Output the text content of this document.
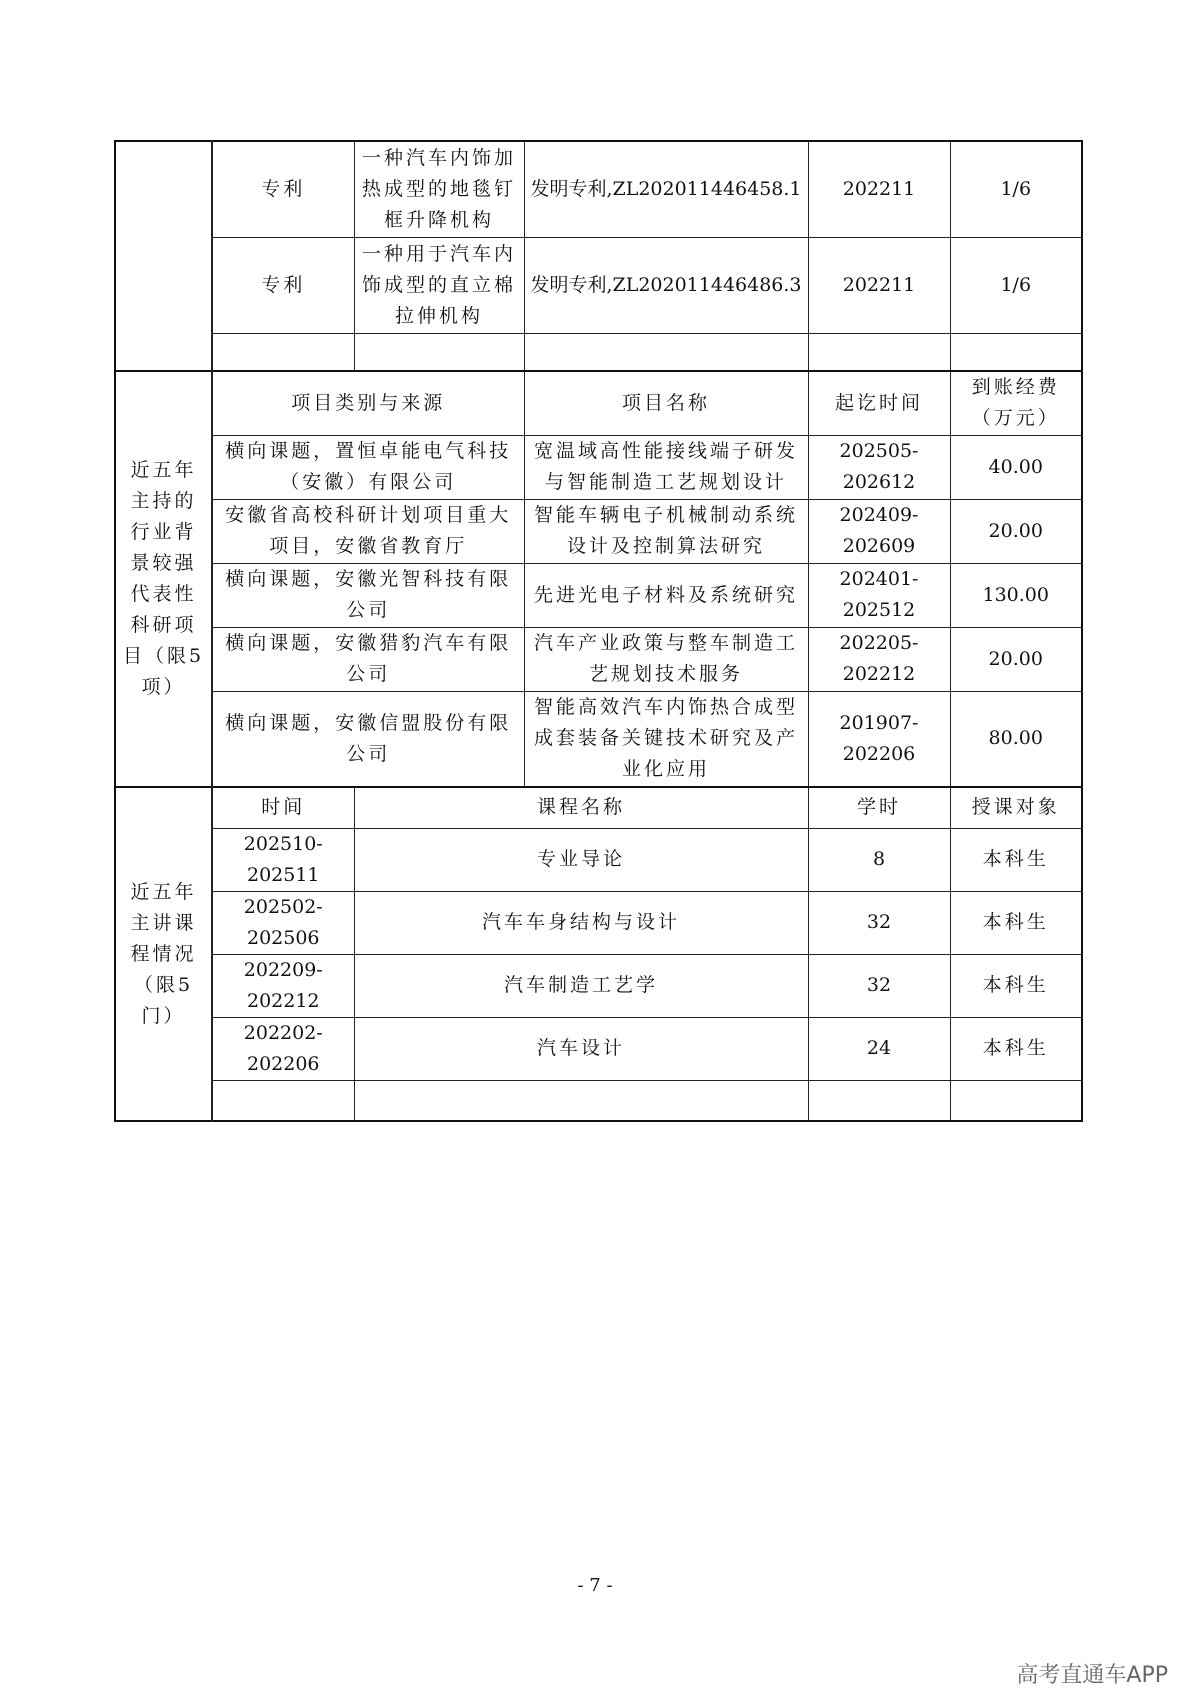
	专利	一种汽车内饰加热成型的地毯钉框升降机构	发明专利,ZL202011446458.1	202211	1/6
	专利	一种用于汽车内饰成型的直立棉拉伸机构	发明专利,ZL202011446486.3	202211	1/6

近五年主持的行业背景较强代表性科研项目（限5项）	项目类别与来源		项目名称	起讫时间	到账经费（万元）
	横向课题，置恒卓能电气科技（安徽）有限公司		宽温域高性能接线端子研发与智能制造工艺规划设计	202505-202612	40.00
	安徽省高校科研计划项目重大项目，安徽省教育厅		智能车辆电子机械制动系统设计及控制算法研究	202409-202609	20.00
	横向课题，安徽光智科技有限公司		先进光电子材料及系统研究	202401-202512	130.00
	横向课题，安徽猎豹汽车有限公司		汽车产业政策与整车制造工艺规划技术服务	202205-202212	20.00
	横向课题，安徽信盟股份有限公司		智能高效汽车内饰热合成型成套装备关键技术研究及产业化应用	201907-202206	80.00
近五年主讲课程情况（限5门）	时间	课程名称		学时	授课对象
	202510-202511	专业导论		8	本科生
	202502-202506	汽车车身结构与设计		32	本科生
	202209-202212	汽车制造工艺学		32	本科生
	202202-202206	汽车设计		24	本科生

- 7 -
高考直通车APP
